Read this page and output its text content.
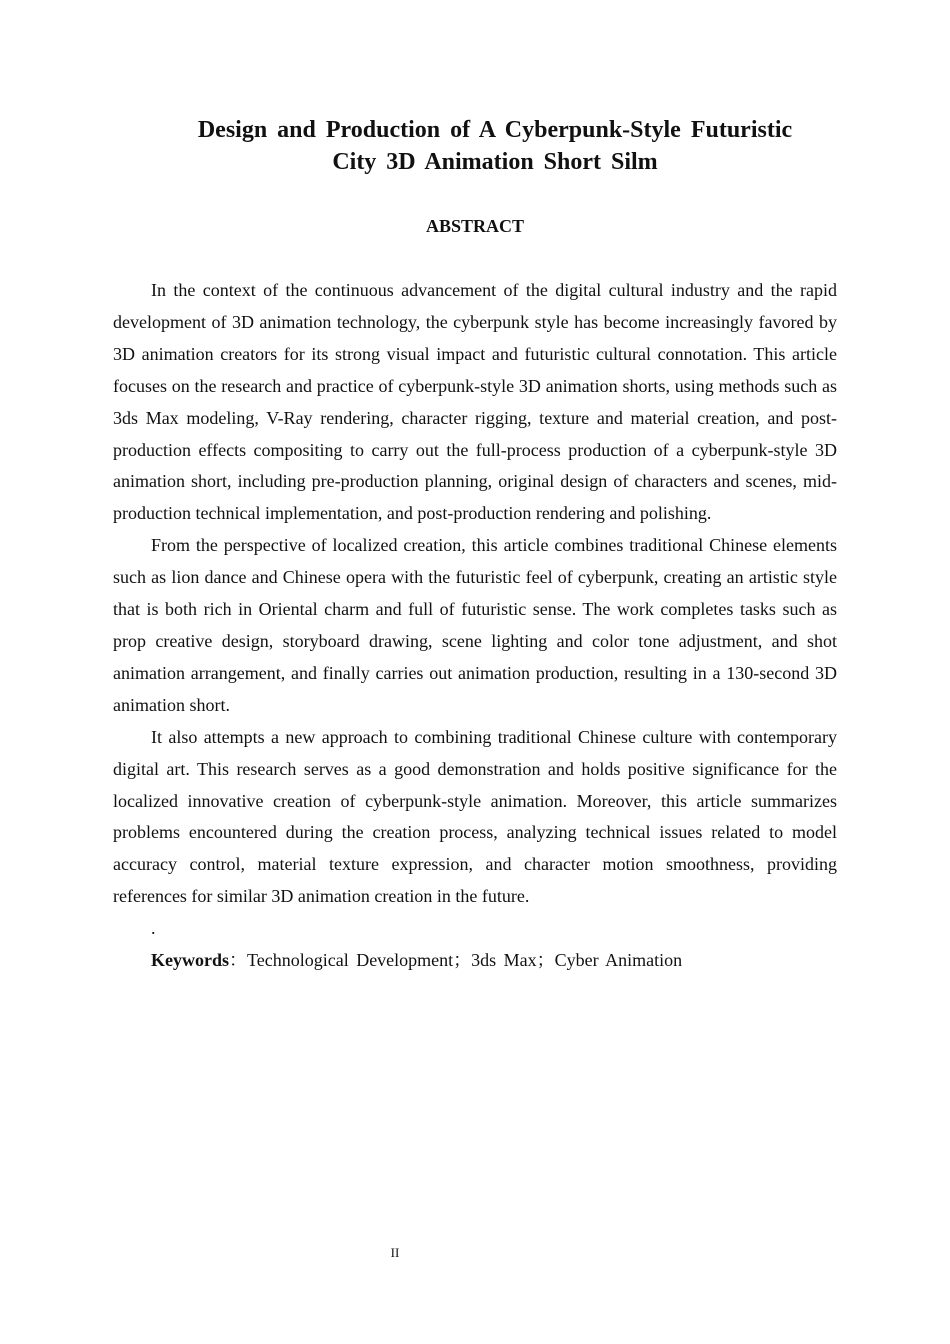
Design and Production of A Cyberpunk-Style Futuristic
City 3D Animation Short Silm
ABSTRACT

In the context of the continuous advancement of the digital cultural industry and the rapid development of 3D animation technology, the cyberpunk style has become increasingly favored by 3D animation creators for its strong visual impact and futuristic cultural connotation. This article focuses on the research and practice of cyberpunk-style 3D animation shorts, using methods such as 3ds Max modeling, V-Ray rendering, character rigging, texture and material creation, and post-production effects compositing to carry out the full-process production of a cyberpunk-style 3D animation short, including pre-production planning, original design of characters and scenes, mid-production technical implementation, and post-production rendering and polishing.

From the perspective of localized creation, this article combines traditional Chinese elements such as lion dance and Chinese opera with the futuristic feel of cyberpunk, creating an artistic style that is both rich in Oriental charm and full of futuristic sense. The work completes tasks such as prop creative design, storyboard drawing, scene lighting and color tone adjustment, and shot animation arrangement, and finally carries out animation production, resulting in a 130-second 3D animation short.

It also attempts a new approach to combining traditional Chinese culture with contemporary digital art. This research serves as a good demonstration and holds positive significance for the localized innovative creation of cyberpunk-style animation. Moreover, this article summarizes problems encountered during the creation process, analyzing technical issues related to model accuracy control, material texture expression, and character motion smoothness, providing references for similar 3D animation creation in the future.

.
Keywords：Technological Development；3ds Max；Cyber Animation
II
